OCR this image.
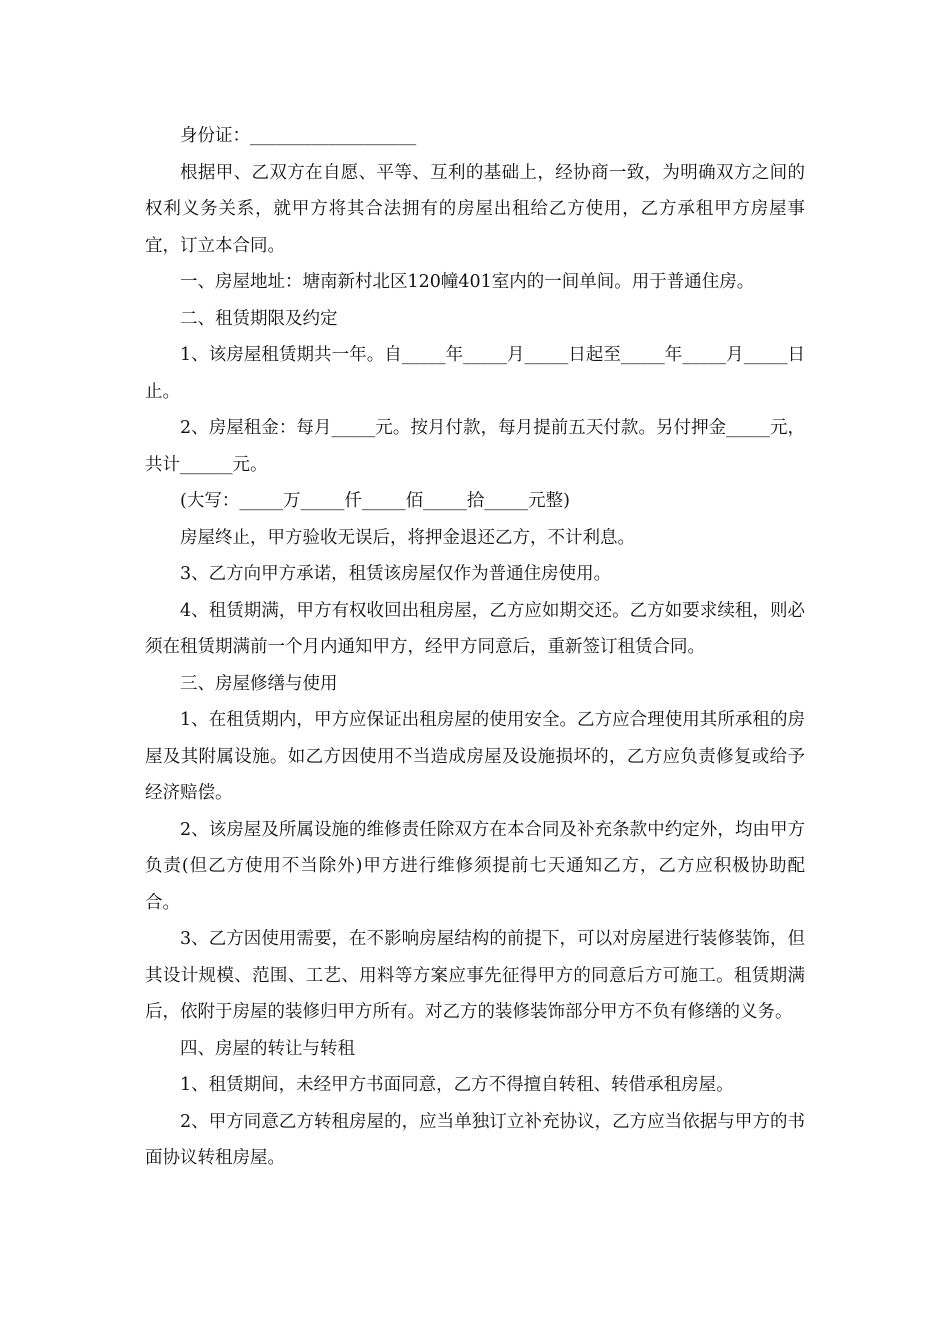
身份证：___________________

根据甲、乙双方在自愿、平等、互利的基础上，经协商一致，为明确双方之间的权利义务关系，就甲方将其合法拥有的房屋出租给乙方使用，乙方承租甲方房屋事宜，订立本合同。

一、房屋地址：塘南新村北区120幢401室内的一间单间。用于普通住房。

二、租赁期限及约定

1、该房屋租赁期共一年。自_____年_____月_____日起至_____年_____月_____日止。

2、房屋租金：每月_____元。按月付款，每月提前五天付款。另付押金_____元，共计______元。

(大写：_____万_____仟_____佰_____拾_____元整)

房屋终止，甲方验收无误后，将押金退还乙方，不计利息。

3、乙方向甲方承诺，租赁该房屋仅作为普通住房使用。

4、租赁期满，甲方有权收回出租房屋，乙方应如期交还。乙方如要求续租，则必须在租赁期满前一个月内通知甲方，经甲方同意后，重新签订租赁合同。

三、房屋修缮与使用

1、在租赁期内，甲方应保证出租房屋的使用安全。乙方应合理使用其所承租的房屋及其附属设施。如乙方因使用不当造成房屋及设施损坏的，乙方应负责修复或给予经济赔偿。

2、该房屋及所属设施的维修责任除双方在本合同及补充条款中约定外，均由甲方负责(但乙方使用不当除外)甲方进行维修须提前七天通知乙方，乙方应积极协助配合。

3、乙方因使用需要，在不影响房屋结构的前提下，可以对房屋进行装修装饰，但其设计规模、范围、工艺、用料等方案应事先征得甲方的同意后方可施工。租赁期满后，依附于房屋的装修归甲方所有。对乙方的装修装饰部分甲方不负有修缮的义务。

四、房屋的转让与转租

1、租赁期间，未经甲方书面同意，乙方不得擅自转租、转借承租房屋。

2、甲方同意乙方转租房屋的，应当单独订立补充协议，乙方应当依据与甲方的书面协议转租房屋。
